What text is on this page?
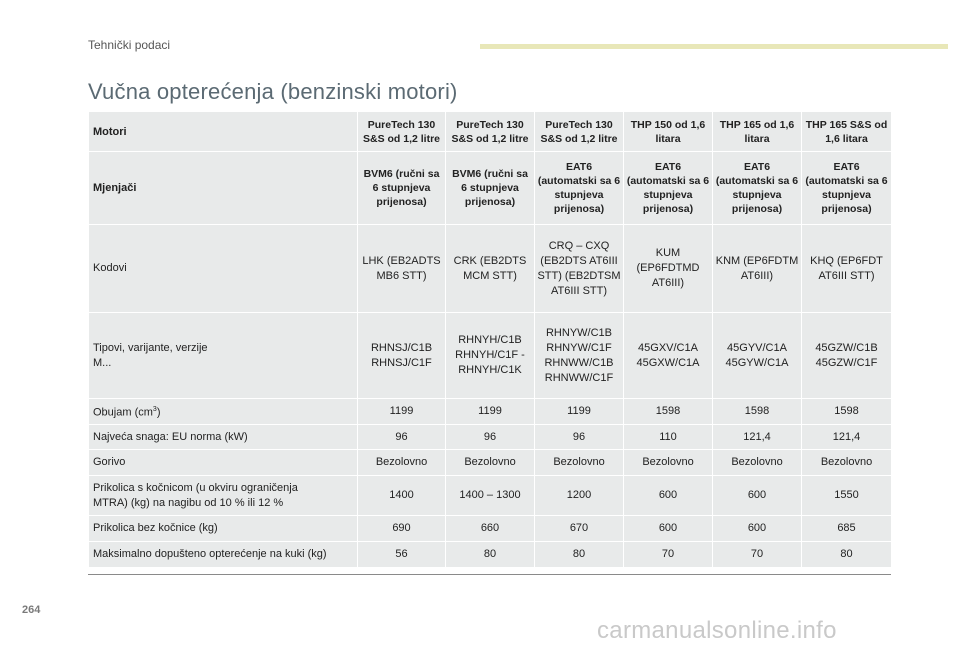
Tehnički podaci
Vučna opterećenja (benzinski motori)
Motori	PureTech 130 S&S od 1,2 litre	PureTech 130 S&S od 1,2 litre	PureTech 130 S&S od 1,2 litre	THP 150 od 1,6 litara	THP 165 od 1,6 litara	THP 165 S&S od 1,6 litara
Mjenjači	BVM6 (ručni sa 6 stupnjeva prijenosa)	BVM6 (ručni sa 6 stupnjeva prijenosa)	EAT6 (automatski sa 6 stupnjeva prijenosa)	EAT6 (automatski sa 6 stupnjeva prijenosa)	EAT6 (automatski sa 6 stupnjeva prijenosa)	EAT6 (automatski sa 6 stupnjeva prijenosa)
Kodovi	LHK (EB2ADTS MB6 STT)	CRK (EB2DTS MCM STT)	CRQ – CXQ (EB2DTS AT6III STT) (EB2DTSM AT6III STT)	KUM (EP6FDTMD AT6III)	KNM (EP6FDTM AT6III)	KHQ (EP6FDT AT6III STT)
Tipovi, varijante, verzije
M...	RHNSJ/C1B RHNSJ/C1F	RHNYH/C1B RHNYH/C1F - RHNYH/C1K	RHNYW/C1B RHNYW/C1F RHNWW/C1B RHNWW/C1F	45GXV/C1A 45GXW/C1A	45GYV/C1A 45GYW/C1A	45GZW/C1B 45GZW/C1F
Obujam $(cm^3)$	1199	1199	1199	1598	1598	1598
Najveća snaga: EU norma (kW)	96	96	96	110	121,4	121,4
Gorivo	Bezolovno	Bezolovno	Bezolovno	Bezolovno	Bezolovno	Bezolovno
Prikolica s kočnicom (u okviru ograničenja
MTRA) (kg) na nagibu od 10 % ili 12 %	1400	1400 – 1300	1200	600	600	1550
Prikolica bez kočnice (kg)	690	660	670	600	600	685
Maksimalno dopušteno opterećenje na kuki (kg)	56	80	80	70	70	80
264
carmanualsonline.info
